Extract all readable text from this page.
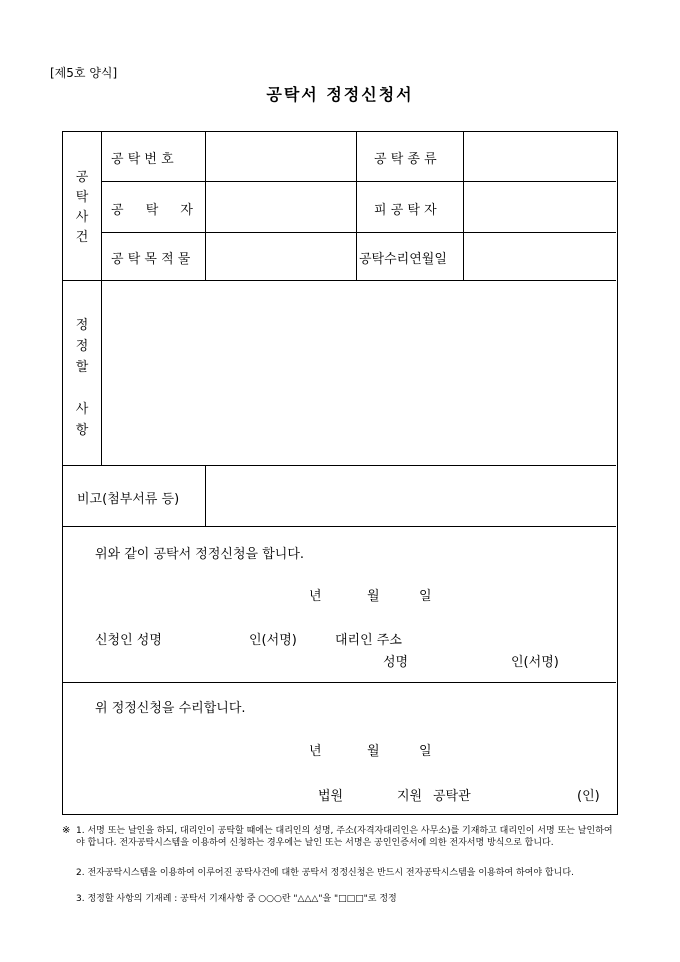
[제5호 양식]
공탁서 정정신청서
공
탁
사
건
공 탁 번 호	공 탁 종 류
공 탁 자	피 공 탁 자
공 탁 목 적 물	공탁수리연월일
정
정
할

사
항
비고(첨부서류 등)
위와 같이 공탁서 정정신청을 합니다.
년	월	일
신청인 성명	인(서명)	대리인 주소
성명	인(서명)
위 정정신청을 수리합니다.
년	월	일
법원	지원 공탁관	(인)
※ 1. 서명 또는 날인을 하되, 대리인이 공탁할 때에는 대리인의 성명, 주소(자격자대리인은 사무소)를 기재하고 대리인이 서명 또는 날인하여야 합니다. 전자공탁시스템을 이용하여 신청하는 경우에는 날인 또는 서명은 공인인증서에 의한 전자서명 방식으로 합니다.
2. 전자공탁시스템을 이용하여 이루어진 공탁사건에 대한 공탁서 정정신청은 반드시 전자공탁시스템을 이용하여 하여야 합니다.
3. 정정할 사항의 기재례 : 공탁서 기재사항 중 ○○○란 "△△△"을 "□□□"로 정정
